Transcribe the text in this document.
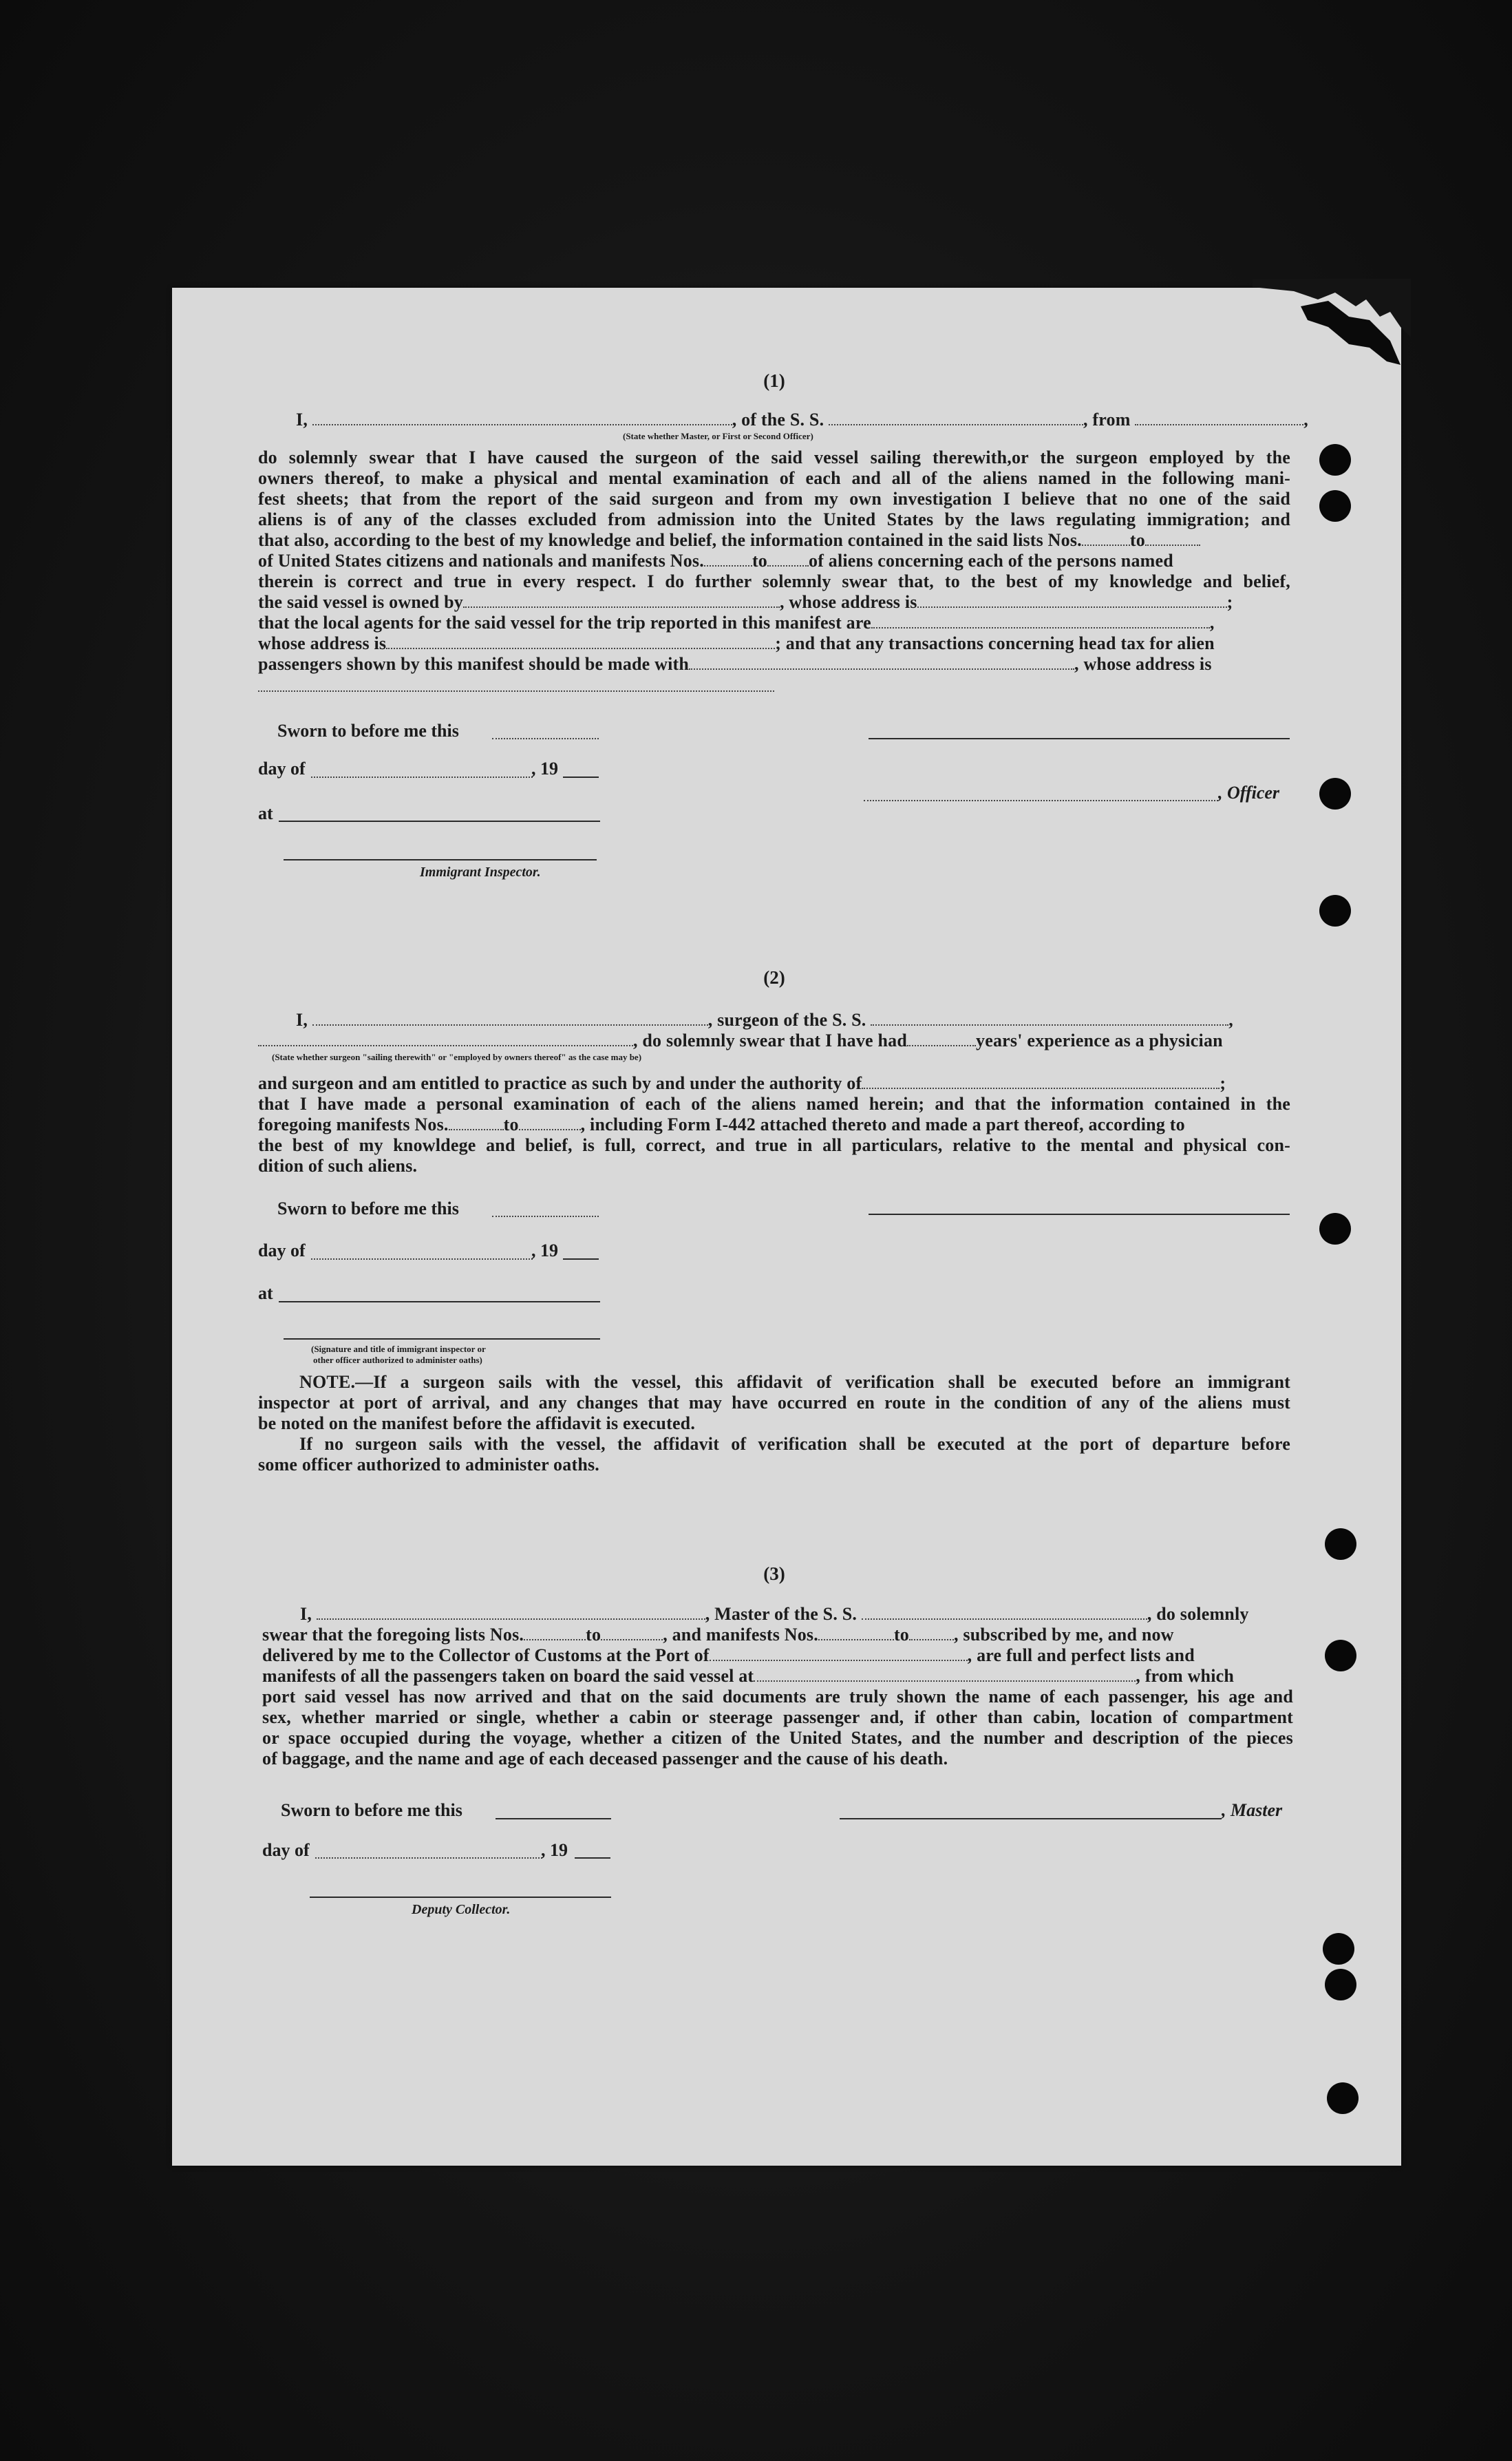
(1)
I,	, of the S. S.	, from	,
(State whether Master, or First or Second Officer)
do solemnly swear that I have caused the surgeon of the said vessel sailing therewith,or the surgeon employed by the
owners thereof, to make a physical and mental examination of each and all of the aliens named in the following mani-
fest sheets; that from the report of the said surgeon and from my own investigation I believe that no one of the said
aliens is of any of the classes excluded from admission into the United States by the laws regulating immigration; and
that also, according to the best of my knowledge and belief, the information contained in the said lists Nos.	to
of United States citizens and nationals and manifests Nos.	to of aliens concerning each of the persons named
therein is correct and true in every respect. I do further solemnly swear that, to the best of my knowledge and belief,
the said vessel is owned by	, whose address is	;
that the local agents for the said vessel for the trip reported in this manifest are	,
whose address is	; and that any transactions concerning head tax for alien
passengers shown by this manifest should be made with	, whose address is
Sworn to before me this
day of	, 19
, Officer
at
Immigrant Inspector.
(2)
I,	, surgeon of the S. S.	,
, do solemnly swear that I have had	years' experience as a physician
(State whether surgeon "sailing therewith" or "employed by owners thereof" as the case may be)
and surgeon and am entitled to practice as such by and under the authority of	;
that I have made a personal examination of each of the aliens named herein; and that the information contained in the
foregoing manifests Nos.	to	, including Form I-442 attached thereto and made a part thereof, according to
the best of my knowldege and belief, is full, correct, and true in all particulars, relative to the mental and physical con-
dition of such aliens.
Sworn to before me this
day of	, 19
at
(Signature and title of immigrant inspector or
other officer authorized to administer oaths)
NOTE.—If a surgeon sails with the vessel, this affidavit of verification shall be executed before an immigrant
inspector at port of arrival, and any changes that may have occurred en route in the condition of any of the aliens must
be noted on the manifest before the affidavit is executed.
If no surgeon sails with the vessel, the affidavit of verification shall be executed at the port of departure before
some officer authorized to administer oaths.
(3)
I,	, Master of the S. S.	, do solemnly
swear that the foregoing lists Nos.	to	, and manifests Nos.	to	, subscribed by me, and now
delivered by me to the Collector of Customs at the Port of	, are full and perfect lists and
manifests of all the passengers taken on board the said vessel at	, from which
port said vessel has now arrived and that on the said documents are truly shown the name of each passenger, his age and
sex, whether married or single, whether a cabin or steerage passenger and, if other than cabin, location of compartment
or space occupied during the voyage, whether a citizen of the United States, and the number and description of the pieces
of baggage, and the name and age of each deceased passenger and the cause of his death.
Sworn to before me this	, Master
day of	, 19
Deputy Collector.
